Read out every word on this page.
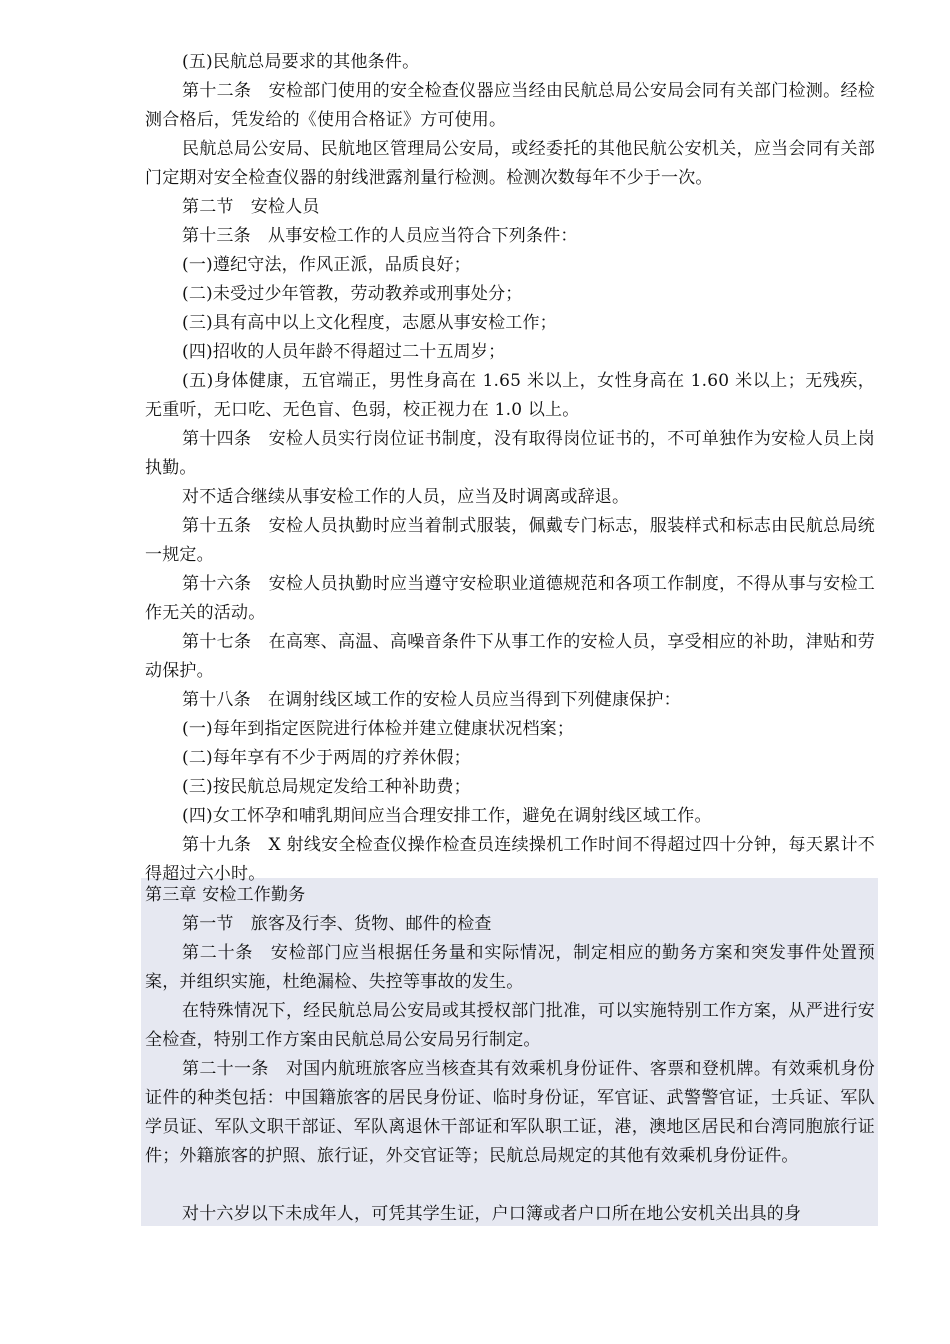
(五)民航总局要求的其他条件。

第十二条　安检部门使用的安全检查仪器应当经由民航总局公安局会同有关部门检测。经检测合格后，凭发给的《使用合格证》方可使用。

民航总局公安局、民航地区管理局公安局，或经委托的其他民航公安机关，应当会同有关部门定期对安全检查仪器的射线泄露剂量行检测。检测次数每年不少于一次。

第二节　安检人员

第十三条　从事安检工作的人员应当符合下列条件：

(一)遵纪守法，作风正派，品质良好；

(二)未受过少年管教，劳动教养或刑事处分；

(三)具有高中以上文化程度，志愿从事安检工作；

(四)招收的人员年龄不得超过二十五周岁；

(五)身体健康，五官端正，男性身高在 1.65 米以上，女性身高在 1.60 米以上；无残疾，无重听，无口吃、无色盲、色弱，校正视力在 1.0 以上。

第十四条　安检人员实行岗位证书制度，没有取得岗位证书的，不可单独作为安检人员上岗执勤。

对不适合继续从事安检工作的人员，应当及时调离或辞退。

第十五条　安检人员执勤时应当着制式服装，佩戴专门标志，服装样式和标志由民航总局统一规定。

第十六条　安检人员执勤时应当遵守安检职业道德规范和各项工作制度，不得从事与安检工作无关的活动。

第十七条　在高寒、高温、高噪音条件下从事工作的安检人员，享受相应的补助，津贴和劳动保护。

第十八条　在调射线区域工作的安检人员应当得到下列健康保护：

(一)每年到指定医院进行体检并建立健康状况档案；

(二)每年享有不少于两周的疗养休假；

(三)按民航总局规定发给工种补助费；

(四)女工怀孕和哺乳期间应当合理安排工作，避免在调射线区域工作。

第十九条　X 射线安全检查仪操作检查员连续操机工作时间不得超过四十分钟，每天累计不得超过六小时。

第三章 安检工作勤务

第一节　旅客及行李、货物、邮件的检查

第二十条　安检部门应当根据任务量和实际情况，制定相应的勤务方案和突发事件处置预案，并组织实施，杜绝漏检、失控等事故的发生。

在特殊情况下，经民航总局公安局或其授权部门批准，可以实施特别工作方案，从严进行安全检查，特别工作方案由民航总局公安局另行制定。

第二十一条　对国内航班旅客应当核查其有效乘机身份证件、客票和登机牌。有效乘机身份证件的种类包括：中国籍旅客的居民身份证、临时身份证，军官证、武警警官证，士兵证、军队学员证、军队文职干部证、军队离退休干部证和军队职工证，港，澳地区居民和台湾同胞旅行证件；外籍旅客的护照、旅行证，外交官证等；民航总局规定的其他有效乘机身份证件。

对十六岁以下未成年人，可凭其学生证，户口簿或者户口所在地公安机关出具的身
